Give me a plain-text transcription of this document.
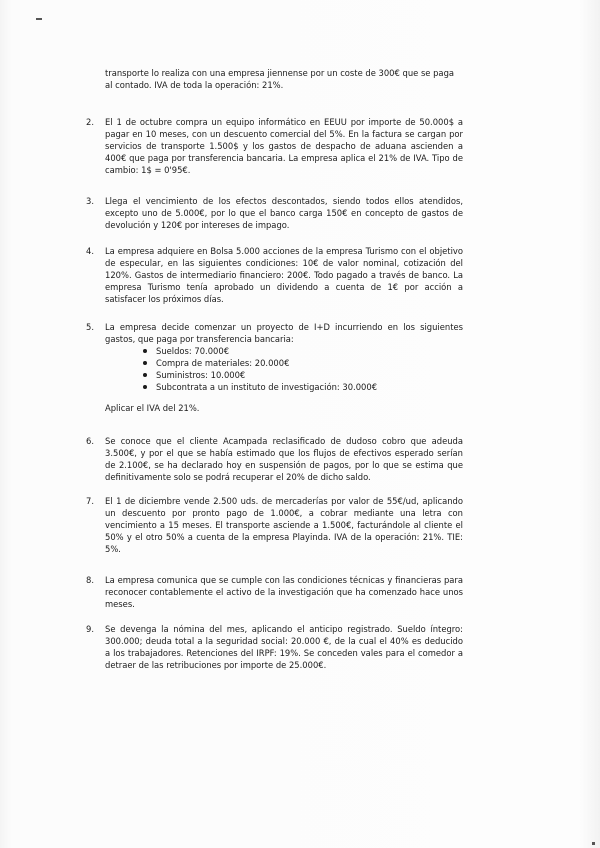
transporte lo realiza con una empresa jiennense por un coste de 300€ que se paga al contado. IVA de toda la operación: 21%.
2. El 1 de octubre compra un equipo informático en EEUU por importe de 50.000$ a pagar en 10 meses, con un descuento comercial del 5%. En la factura se cargan por servicios de transporte 1.500$ y los gastos de despacho de aduana ascienden a 400€ que paga por transferencia bancaria. La empresa aplica el 21% de IVA. Tipo de cambio: 1$ = 0'95€.
3. Llega el vencimiento de los efectos descontados, siendo todos ellos atendidos, excepto uno de 5.000€, por lo que el banco carga 150€ en concepto de gastos de devolución y 120€ por intereses de impago.
4. La empresa adquiere en Bolsa 5.000 acciones de la empresa Turismo con el objetivo de especular, en las siguientes condiciones: 10€ de valor nominal, cotización del 120%. Gastos de intermediario financiero: 200€. Todo pagado a través de banco. La empresa Turismo tenía aprobado un dividendo a cuenta de 1€ por acción a satisfacer los próximos días.
5. La empresa decide comenzar un proyecto de I+D incurriendo en los siguientes gastos, que paga por transferencia bancaria:
Sueldos: 70.000€
Compra de materiales: 20.000€
Suministros: 10.000€
Subcontrata a un instituto de investigación: 30.000€
Aplicar el IVA del 21%.
6. Se conoce que el cliente Acampada reclasificado de dudoso cobro que adeuda 3.500€, y por el que se había estimado que los flujos de efectivos esperado serían de 2.100€, se ha declarado hoy en suspensión de pagos, por lo que se estima que definitivamente solo se podrá recuperar el 20% de dicho saldo.
7. El 1 de diciembre vende 2.500 uds. de mercaderías por valor de 55€/ud, aplicando un descuento por pronto pago de 1.000€, a cobrar mediante una letra con vencimiento a 15 meses. El transporte asciende a 1.500€, facturándole al cliente el 50% y el otro 50% a cuenta de la empresa Playinda. IVA de la operación: 21%. TIE: 5%.
8. La empresa comunica que se cumple con las condiciones técnicas y financieras para reconocer contablemente el activo de la investigación que ha comenzado hace unos meses.
9. Se devenga la nómina del mes, aplicando el anticipo registrado. Sueldo íntegro: 300.000; deuda total a la seguridad social: 20.000 €, de la cual el 40% es deducido a los trabajadores. Retenciones del IRPF: 19%. Se conceden vales para el comedor a detraer de las retribuciones por importe de 25.000€.
